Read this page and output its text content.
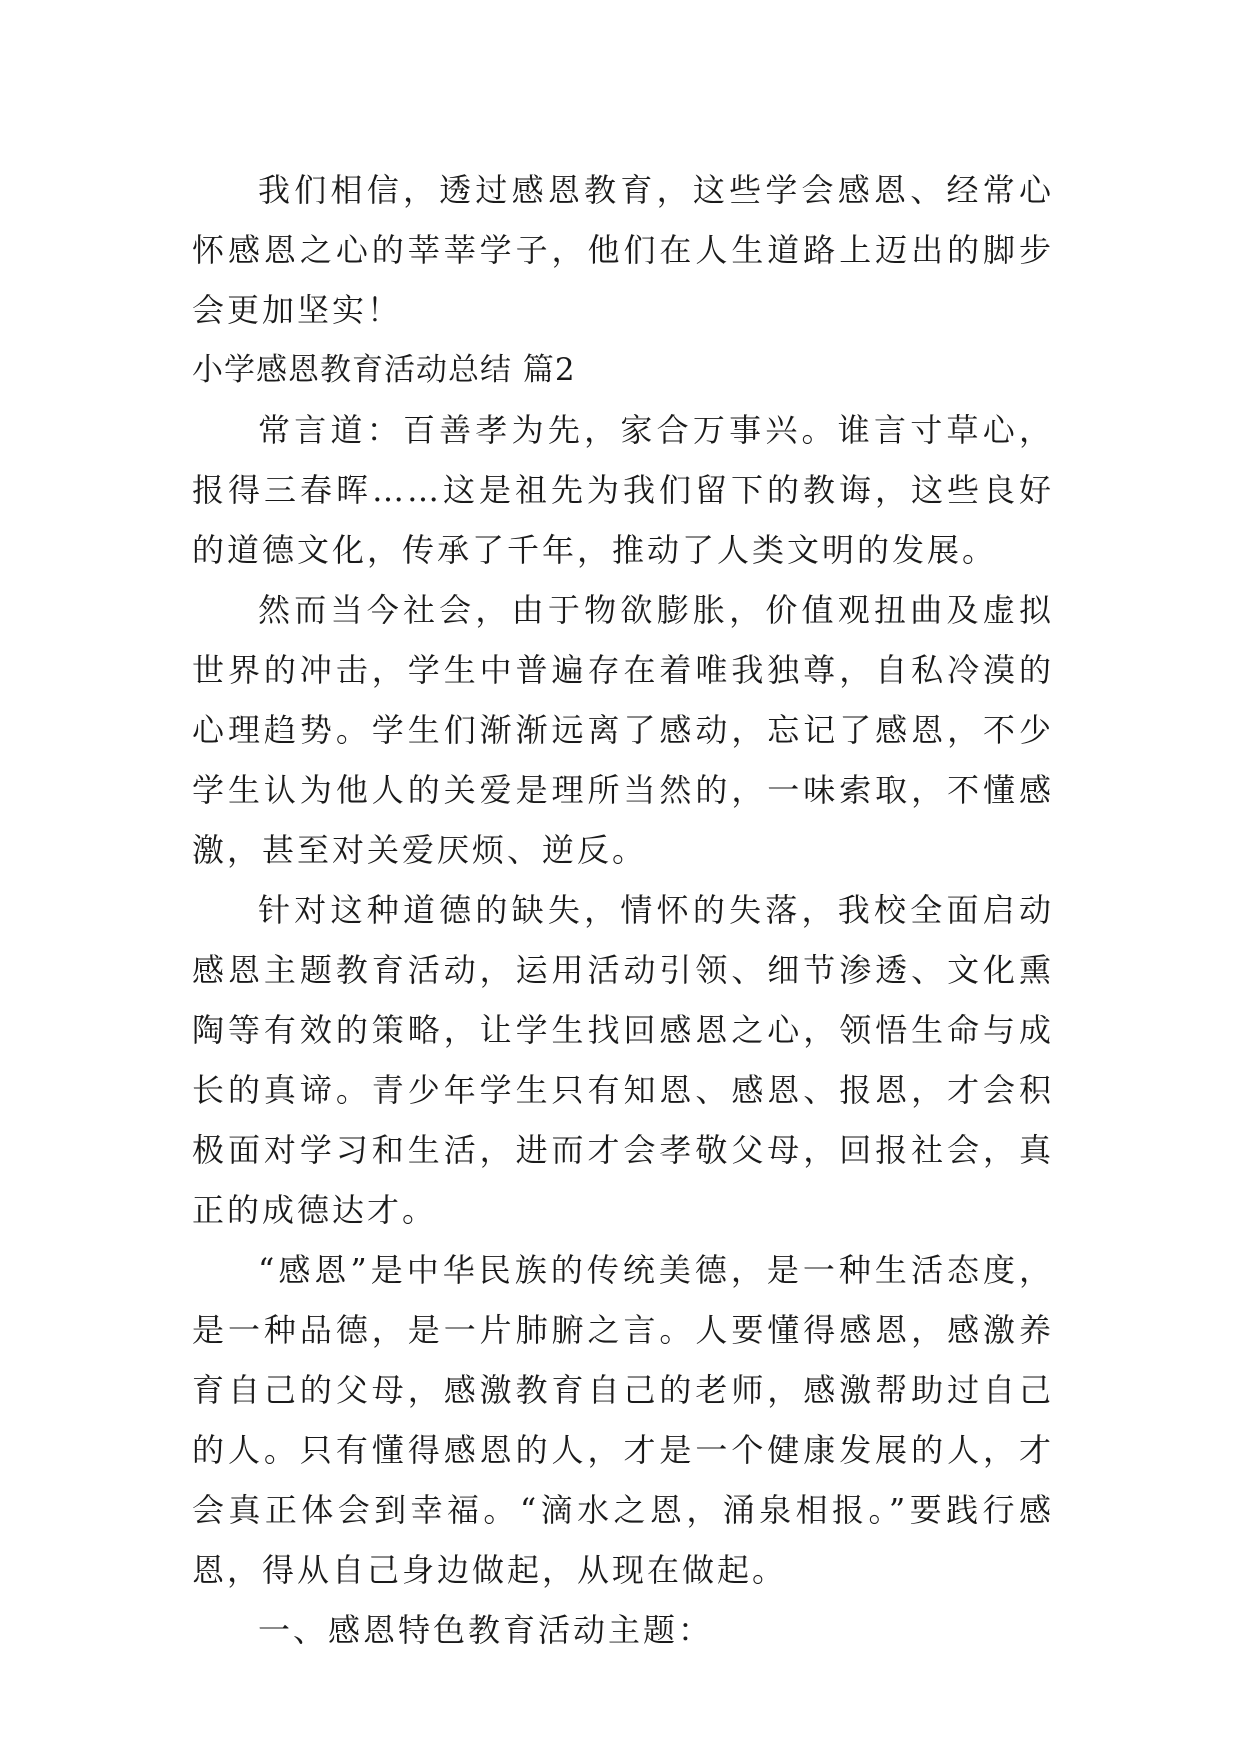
我们相信，透过感恩教育，这些学会感恩、经常心怀感恩之心的莘莘学子，他们在人生道路上迈出的脚步会更加坚实！

小学感恩教育活动总结 篇2

常言道：百善孝为先，家合万事兴。谁言寸草心，报得三春晖……这是祖先为我们留下的教诲，这些良好的道德文化，传承了千年，推动了人类文明的发展。

然而当今社会，由于物欲膨胀，价值观扭曲及虚拟世界的冲击，学生中普遍存在着唯我独尊，自私冷漠的心理趋势。学生们渐渐远离了感动，忘记了感恩，不少学生认为他人的关爱是理所当然的，一味索取，不懂感激，甚至对关爱厌烦、逆反。

针对这种道德的缺失，情怀的失落，我校全面启动感恩主题教育活动，运用活动引领、细节渗透、文化熏陶等有效的策略，让学生找回感恩之心，领悟生命与成长的真谛。青少年学生只有知恩、感恩、报恩，才会积极面对学习和生活，进而才会孝敬父母，回报社会，真正的成德达才。

“感恩”是中华民族的传统美德，是一种生活态度，是一种品德，是一片肺腑之言。人要懂得感恩，感激养育自己的父母，感激教育自己的老师，感激帮助过自己的人。只有懂得感恩的人，才是一个健康发展的人，才会真正体会到幸福。“滴水之恩，涌泉相报。”要践行感恩，得从自己身边做起，从现在做起。

一、感恩特色教育活动主题：
